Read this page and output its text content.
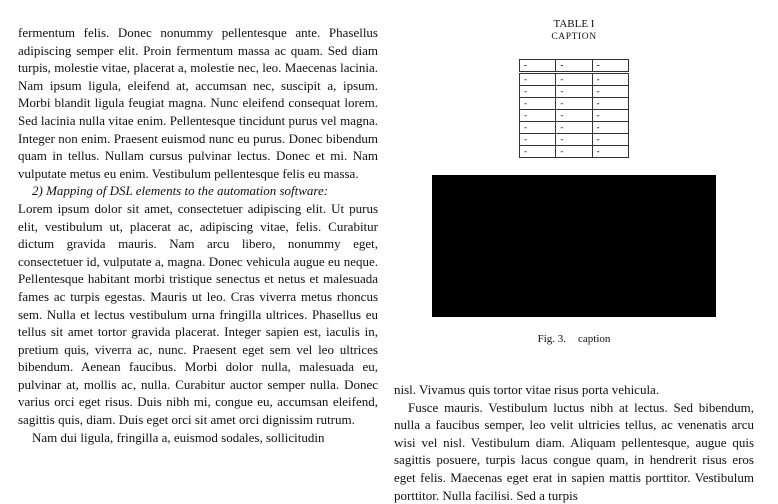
fermentum felis. Donec nonummy pellentesque ante. Phasellus adipiscing semper elit. Proin fermentum massa ac quam. Sed diam turpis, molestie vitae, placerat a, molestie nec, leo. Maecenas lacinia. Nam ipsum ligula, eleifend at, accumsan nec, suscipit a, ipsum. Morbi blandit ligula feugiat magna. Nunc eleifend consequat lorem. Sed lacinia nulla vitae enim. Pellentesque tincidunt purus vel magna. Integer non enim. Praesent euismod nunc eu purus. Donec bibendum quam in tellus. Nullam cursus pulvinar lectus. Donec et mi. Nam vulputate metus eu enim. Vestibulum pellentesque felis eu massa.

2) Mapping of DSL elements to the automation software:

Lorem ipsum dolor sit amet, consectetuer adipiscing elit. Ut purus elit, vestibulum ut, placerat ac, adipiscing vitae, felis. Curabitur dictum gravida mauris. Nam arcu libero, nonummy eget, consectetuer id, vulputate a, magna. Donec vehicula augue eu neque. Pellentesque habitant morbi tristique senectus et netus et malesuada fames ac turpis egestas. Mauris ut leo. Cras viverra metus rhoncus sem. Nulla et lectus vestibulum urna fringilla ultrices. Phasellus eu tellus sit amet tortor gravida placerat. Integer sapien est, iaculis in, pretium quis, viverra ac, nunc. Praesent eget sem vel leo ultrices bibendum. Aenean faucibus. Morbi dolor nulla, malesuada eu, pulvinar at, mollis ac, nulla. Curabitur auctor semper nulla. Donec varius orci eget risus. Duis nibh mi, congue eu, accumsan eleifend, sagittis quis, diam. Duis eget orci sit amet orci dignissim rutrum.

Nam dui ligula, fringilla a, euismod sodales, sollicitudin

TABLE I
CAPTION
-	-	-
-	-	-
-	-	-
-	-	-
-	-	-
-	-	-
-	-	-
-	-	-
Fig. 3. caption

nisl. Vivamus quis tortor vitae risus porta vehicula.

Fusce mauris. Vestibulum luctus nibh at lectus. Sed bibendum, nulla a faucibus semper, leo velit ultricies tellus, ac venenatis arcu wisi vel nisl. Vestibulum diam. Aliquam pellentesque, augue quis sagittis posuere, turpis lacus congue quam, in hendrerit risus eros eget felis. Maecenas eget erat in sapien mattis porttitor. Vestibulum porttitor. Nulla facilisi. Sed a turpis
